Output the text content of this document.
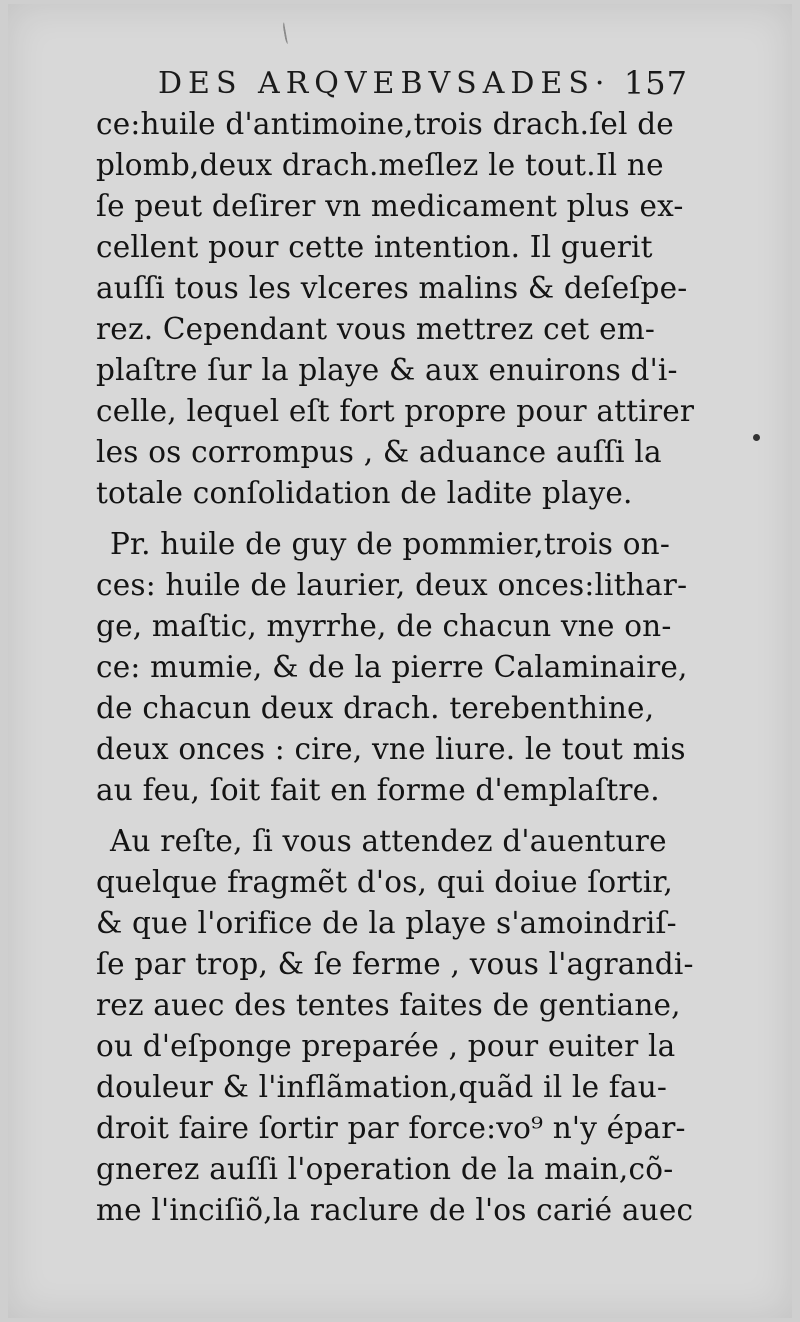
DES ARQVEBVSADES· 157
ce:huile d'antimoine,trois drach.ſel de
plomb,deux drach.meſlez le tout.Il ne
ſe peut deſirer vn medicament plus ex-
cellent pour cette intention. Il guerit
auſſi tous les vlceres malins & deſeſpe-
rez. Cependant vous mettrez cet em-
plaſtre ſur la playe & aux enuirons d'i-
celle, lequel eſt fort propre pour attirer
les os corrompus , & aduance auſſi la
totale conſolidation de ladite playe.
Pr. huile de guy de pommier,trois on-
ces: huile de laurier, deux onces:lithar-
ge, maſtic, myrrhe, de chacun vne on-
ce: mumie, & de la pierre Calaminaire,
de chacun deux drach. terebenthine,
deux onces : cire, vne liure. le tout mis
au feu, ſoit fait en forme d'emplaſtre.
Au reſte, ſi vous attendez d'auenture
quelque fragmẽt d'os, qui doiue ſortir,
& que l'orifice de la playe s'amoindriſ-
ſe par trop, & ſe ferme , vous l'agrandi-
rez auec des tentes faites de gentiane,
ou d'eſponge preparée , pour euiter la
douleur & l'inflãmation,quãd il le fau-
droit faire ſortir par force:vo⁹ n'y épar-
gnerez auſſi l'operation de la main,cõ-
me l'inciſiõ,la raclure de l'os carié auec
